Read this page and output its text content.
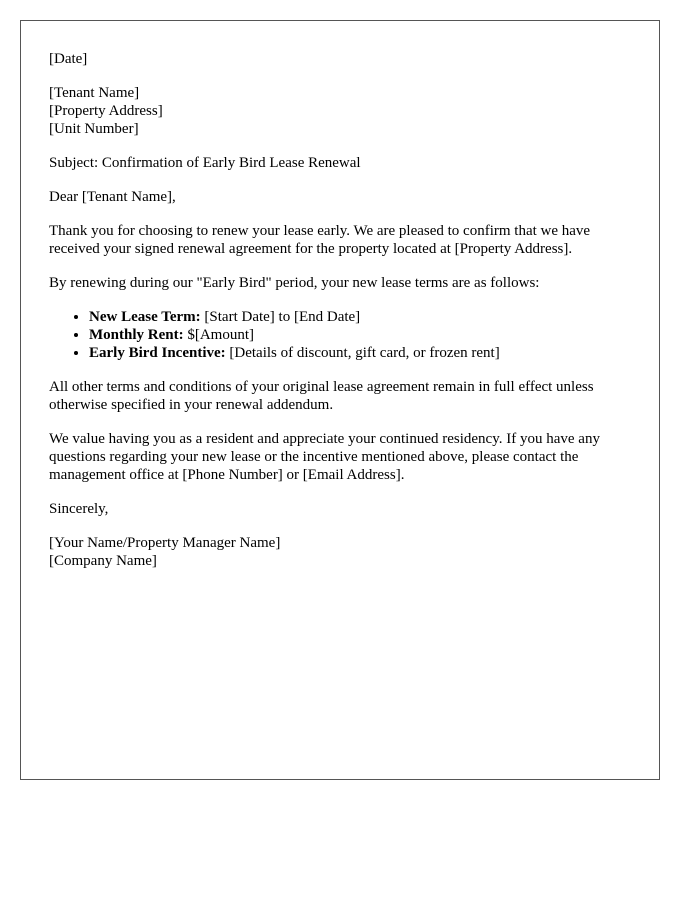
[Date]
[Tenant Name]
[Property Address]
[Unit Number]

Subject: Confirmation of Early Bird Lease Renewal

Dear [Tenant Name],

Thank you for choosing to renew your lease early. We are pleased to confirm that we have received your signed renewal agreement for the property located at [Property Address].

By renewing during our "Early Bird" period, your new lease terms are as follows:

• New Lease Term: [Start Date] to [End Date]
• Monthly Rent: $[Amount]
• Early Bird Incentive: [Details of discount, gift card, or frozen rent]

All other terms and conditions of your original lease agreement remain in full effect unless otherwise specified in your renewal addendum.

We value having you as a resident and appreciate your continued residency. If you have any questions regarding your new lease or the incentive mentioned above, please contact the management office at [Phone Number] or [Email Address].

Sincerely,

[Your Name/Property Manager Name]
[Company Name]
